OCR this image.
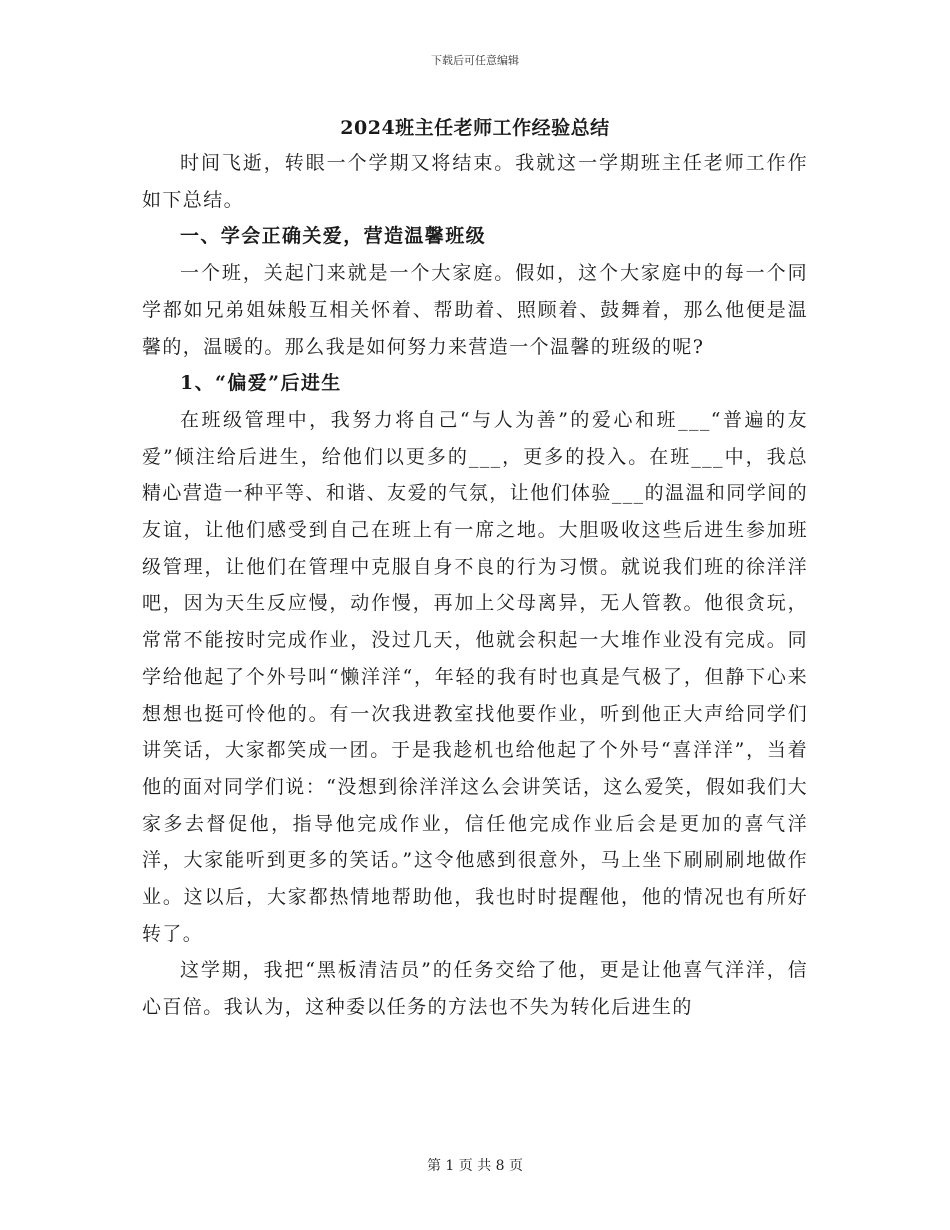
下载后可任意编辑
2024班主任老师工作经验总结

时间飞逝，转眼一个学期又将结束。我就这一学期班主任老师工作作如下总结。

一、学会正确关爱，营造温馨班级

一个班，关起门来就是一个大家庭。假如，这个大家庭中的每一个同学都如兄弟姐妹般互相关怀着、帮助着、照顾着、鼓舞着，那么他便是温馨的，温暖的。那么我是如何努力来营造一个温馨的班级的呢?

1、“偏爱”后进生

在班级管理中，我努力将自己“与人为善”的爱心和班___“普遍的友爱”倾注给后进生，给他们以更多的___，更多的投入。在班___中，我总精心营造一种平等、和谐、友爱的气氛，让他们体验___的温温和同学间的友谊，让他们感受到自己在班上有一席之地。大胆吸收这些后进生参加班级管理，让他们在管理中克服自身不良的行为习惯。就说我们班的徐洋洋吧，因为天生反应慢，动作慢，再加上父母离异，无人管教。他很贪玩，常常不能按时完成作业，没过几天，他就会积起一大堆作业没有完成。同学给他起了个外号叫“懒洋洋“，年轻的我有时也真是气极了，但静下心来想想也挺可怜他的。有一次我进教室找他要作业，听到他正大声给同学们讲笑话，大家都笑成一团。于是我趁机也给他起了个外号“喜洋洋”，当着他的面对同学们说：“没想到徐洋洋这么会讲笑话，这么爱笑，假如我们大家多去督促他，指导他完成作业，信任他完成作业后会是更加的喜气洋洋，大家能听到更多的笑话。”这令他感到很意外，马上坐下刷刷刷地做作业。这以后，大家都热情地帮助他，我也时时提醒他，他的情况也有所好转了。

这学期，我把“黑板清洁员”的任务交给了他，更是让他喜气洋洋，信心百倍。我认为，这种委以任务的方法也不失为转化后进生的

第 1 页 共 8 页
